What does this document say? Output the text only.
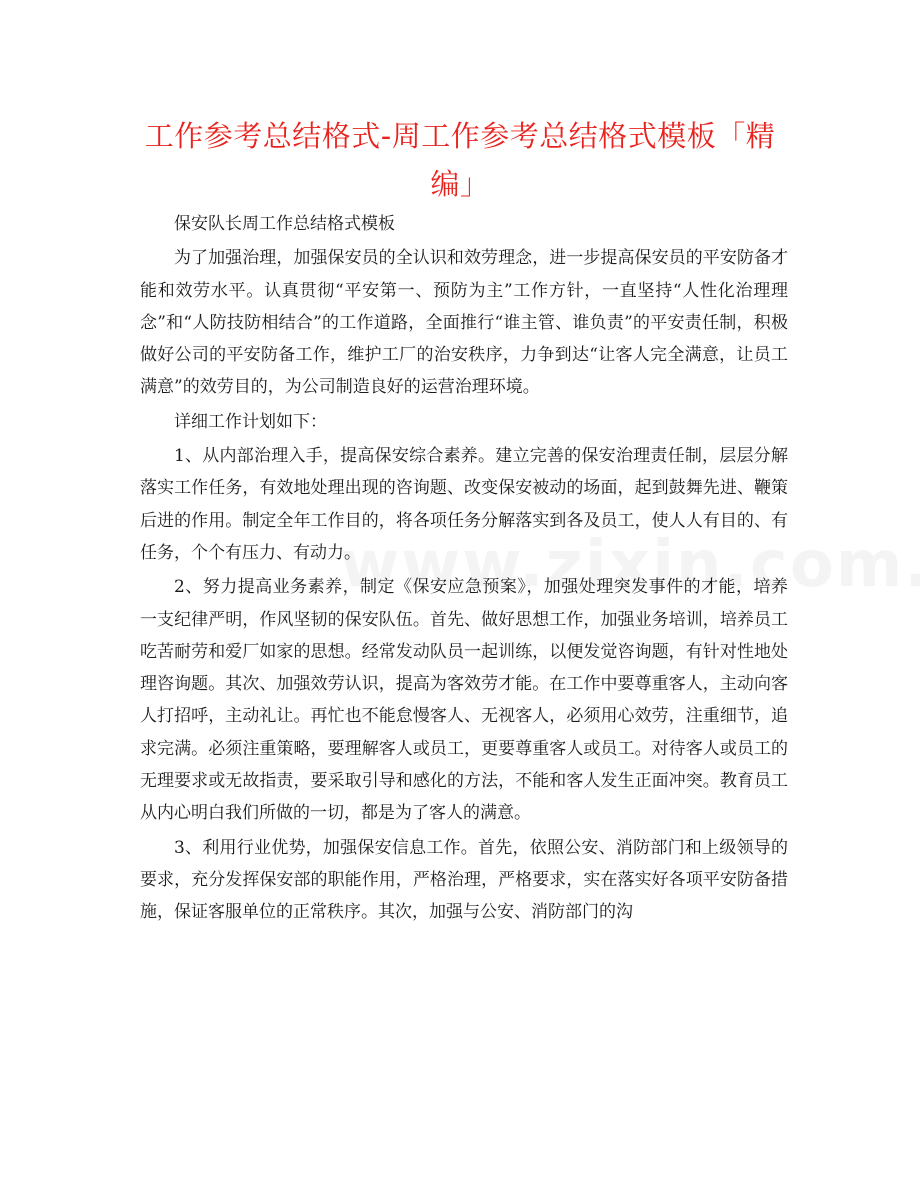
工作参考总结格式-周工作参考总结格式模板「精编」

保安队长周工作总结格式模板

为了加强治理，加强保安员的全认识和效劳理念，进一步提高保安员的平安防备才能和效劳水平。认真贯彻“平安第一、预防为主”工作方针，一直坚持“人性化治理理念”和“人防技防相结合”的工作道路，全面推行“谁主管、谁负责”的平安责任制，积极做好公司的平安防备工作，维护工厂的治安秩序，力争到达“让客人完全满意，让员工满意”的效劳目的，为公司制造良好的运营治理环境。

详细工作计划如下：

1、从内部治理入手，提高保安综合素养。建立完善的保安治理责任制，层层分解落实工作任务，有效地处理出现的咨询题、改变保安被动的场面，起到鼓舞先进、鞭策后进的作用。制定全年工作目的，将各项任务分解落实到各及员工，使人人有目的、有任务，个个有压力、有动力。

2、努力提高业务素养，制定《保安应急预案》，加强处理突发事件的才能，培养一支纪律严明，作风坚韧的保安队伍。首先、做好思想工作，加强业务培训，培养员工吃苦耐劳和爱厂如家的思想。经常发动队员一起训练，以便发觉咨询题，有针对性地处理咨询题。其次、加强效劳认识，提高为客效劳才能。在工作中要尊重客人，主动向客人打招呼，主动礼让。再忙也不能怠慢客人、无视客人，必须用心效劳，注重细节，追求完满。必须注重策略，要理解客人或员工，更要尊重客人或员工。对待客人或员工的无理要求或无故指责，要采取引导和感化的方法，不能和客人发生正面冲突。教育员工从内心明白我们所做的一切，都是为了客人的满意。

3、利用行业优势，加强保安信息工作。首先，依照公安、消防部门和上级领导的要求，充分发挥保安部的职能作用，严格治理，严格要求，实在落实好各项平安防备措施，保证客服单位的正常秩序。其次，加强与公安、消防部门的沟
